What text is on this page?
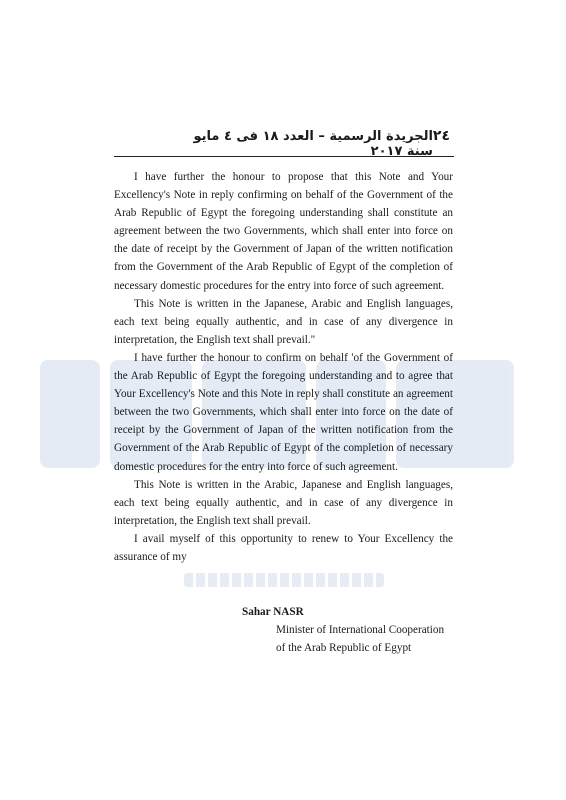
الجريدة الرسمية – العدد ١٨ فى ٤ مايو سنة ٢٠١٧
٢٤

I have further the honour to propose that this Note and Your Excellency's Note in reply confirming on behalf of the Government of the Arab Republic of Egypt the foregoing understanding shall constitute an agreement between the two Governments, which shall enter into force on the date of receipt by the Government of Japan of the written notification from the Government of the Arab Republic of Egypt of the completion of necessary domestic procedures for the entry into force of such agreement.

This Note is written in the Japanese, Arabic and English languages, each text being equally authentic, and in case of any divergence in interpretation, the English text shall prevail."

I have further the honour to confirm on behalf 'of the Government of the Arab Republic of Egypt the foregoing understanding and to agree that Your Excellency's Note and this Note in reply shall constitute an agreement between the two Governments, which shall enter into force on the date of receipt by the Government of Japan of the written notification from the Government of the Arab Republic of Egypt of the completion of necessary domestic procedures for the entry into force of such agreement.

This Note is written in the Arabic, Japanese and English languages, each text being equally authentic, and in case of any divergence in interpretation, the English text shall prevail.

I avail myself of this opportunity to renew to Your Excellency the assurance of my

Sahar NASR
Minister of International Cooperation
of the Arab Republic of Egypt
